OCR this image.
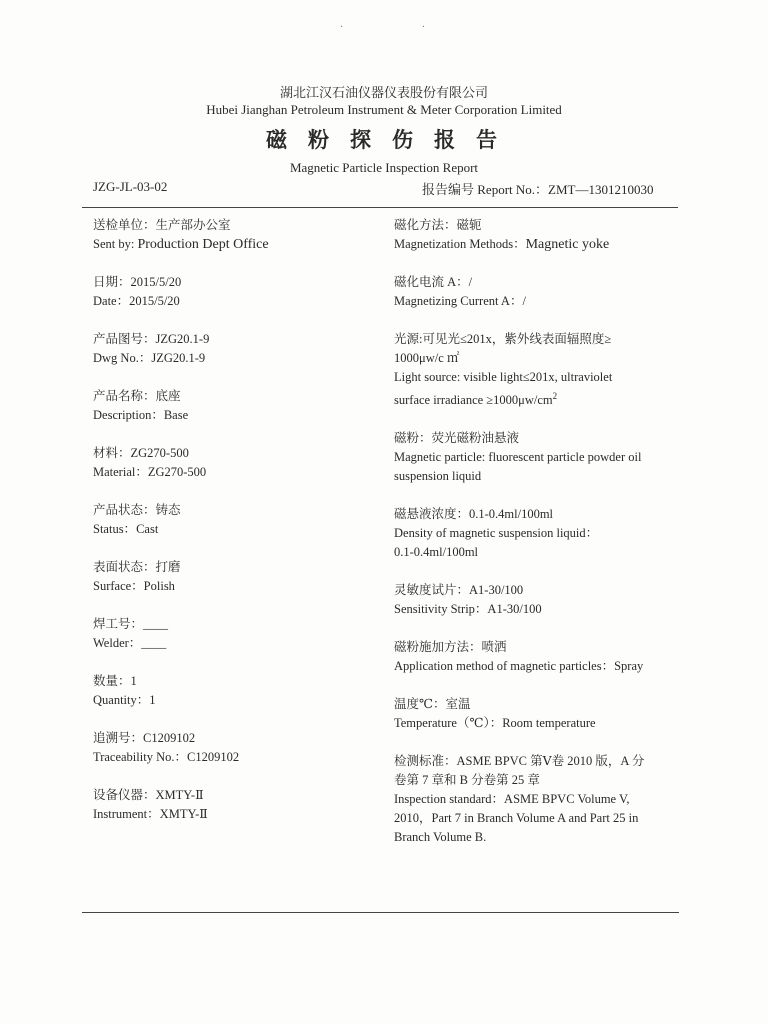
· ·
湖北江汉石油仪器仪表股份有限公司
Hubei Jianghan Petroleum Instrument & Meter Corporation Limited
磁粉探伤报告
Magnetic Particle Inspection Report
JZG-JL-03-02	报告编号 Report No.：ZMT—1301210030

送检单位：生产部办公室

Sent by: Production Dept Office

日期：2015/5/20

Date：2015/5/20

产品图号：JZG20.1-9

Dwg No.：JZG20.1-9

产品名称：底座

Description：Base

材料：ZG270-500

Material：ZG270-500

产品状态：铸态

Status：Cast

表面状态：打磨

Surface：Polish

焊工号：____

Welder：____

数量：1

Quantity：1

追溯号：C1209102

Traceability No.：C1209102

设备仪器：XMTY-Ⅱ

Instrument：XMTY-Ⅱ

磁化方法：磁轭

Magnetization Methods：Magnetic yoke

磁化电流 A：/

Magnetizing Current A：/

光源:可见光≤201x，紫外线表面辐照度≥

1000μw/c ㎡

Light source: visible light≤201x, ultraviolet

surface irradiance $\ge 1000\mu w/cm^2$

磁粉：荧光磁粉油悬液

Magnetic particle: fluorescent particle powder oil

suspension liquid

磁悬液浓度：0.1-0.4ml/100ml

Density of magnetic suspension liquid：

0.1-0.4ml/100ml

灵敏度试片：A1-30/100

Sensitivity Strip：A1-30/100

磁粉施加方法：喷洒

Application method of magnetic particles：Spray

温度℃：室温

Temperature（℃）：Room temperature

检测标准：ASME BPVC 第Ⅴ卷 2010 版，A 分

卷第 7 章和 B 分卷第 25 章

Inspection standard：ASME BPVC Volume V,

2010，Part 7 in Branch Volume A and Part 25 in

Branch Volume B.
